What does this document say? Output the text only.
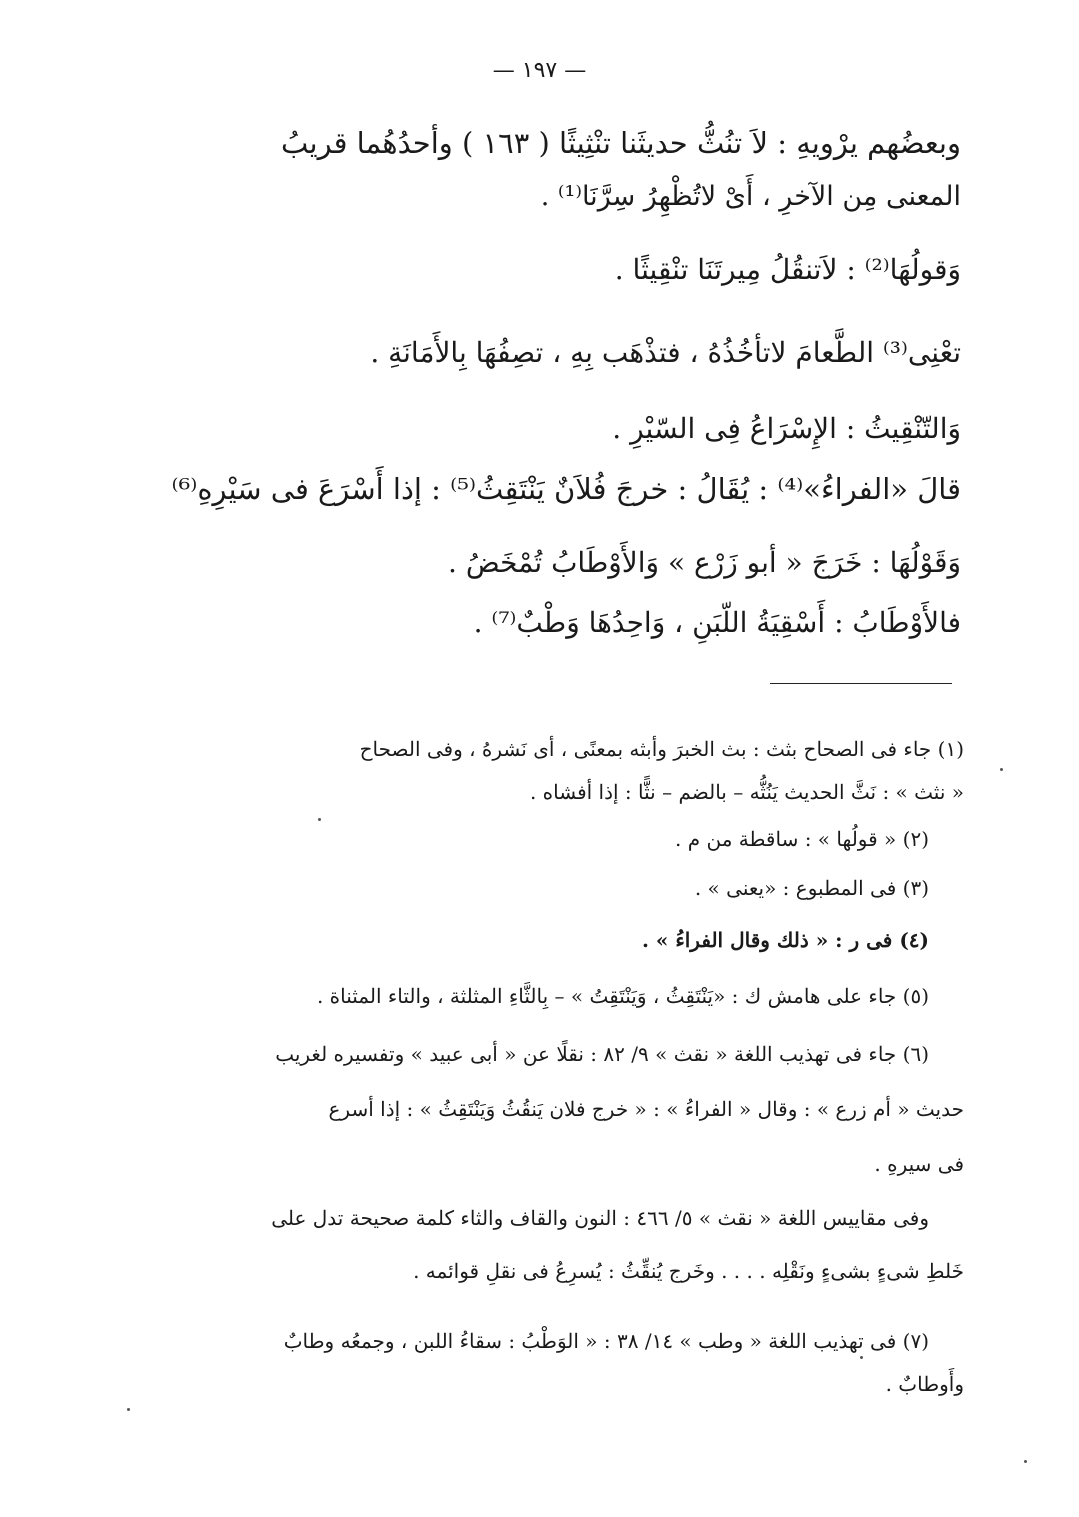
— ١٩٧ —
وبعضُهم يرْويهِ : لاَ تنُثُّ حديثَنا تنْثِيثًا ( ١٦٣ ) وأحدُهُما قريبُ
المعنى مِن الآخرِ ، أَىْ لاتُظْهِرُ سِرَّنَا⁽¹⁾ .
وَقولُهَا⁽²⁾ : لاَتنقُلُ مِيرتَنَا تنْقِيثًا .
تعْنِى⁽³⁾ الطَّعامَ لاتأخُذُهُ ، فتذْهَب بِهِ ، تصِفُهَا بِالأَمَانَةِ .
وَالتّنْقِيثُ : الإِسْرَاعُ فِى السّيْرِ .
قالَ «الفراءُ»⁽⁴⁾ : يُقَالُ : خرجَ فُلاَنٌ يَنْتَقِثُ⁽⁵⁾ : إذا أَسْرَعَ فى سَيْرِهِ⁽⁶⁾
وَقَوْلُهَا : خَرَجَ « أبو زَرْع » وَالأَوْطَابُ تُمْخَضُ .
فالأَوْطَابُ : أَسْقِيَةُ اللّبَنِ ، وَاحِدُهَا وَطْبٌ⁽⁷⁾ .
(١) جاء فى الصحاح بثث : بث الخبرَ وأبثه بمعنًى ، أى نَشرهُ ، وفى الصحاح
« نثث » : نَثَّ الحديث يَنُثُّه – بالضم – نثًّا : إذا أفشاه .
(٢) « قولُها » : ساقطة من م .
(٣) فى المطبوع : «يعنى » .
(٤) فى ر : « ذلك وقال الفراءُ » .
(٥) جاء على هامش ك : «يَنْتَقِثُ ، وَيَنْتَقِتُ » – بِالثَّاءِ المثلثة ، والتاء المثناة .
(٦) جاء فى تهذيب اللغة « نقث » ٩/ ٨٢ : نقلًا عن « أبى عبيد » وتفسيره لغريب
حديث « أم زرع » : وقال « الفراءُ » : « خرج فلان يَنقُثُ وَيَنْتَقِثُ » : إذا أسرع
فى سيرهِ .
وفى مقاييس اللغة « نقث » ٥/ ٤٦٦ : النون والقاف والثاء كلمة صحيحة تدل على
خَلطِ شىءٍ بشىءٍ ونَقْلِه . . . . وخَرج يُنقِّثُ : يُسرِعُ فى نقلِ قوائمه .
(٧) فى تهذيب اللغة « وطب » ١٤/ ٣٨ : « الوَطْبُ : سقاءُ اللبن ، وجمعُه وطابٌ
وأَوطابٌ .
